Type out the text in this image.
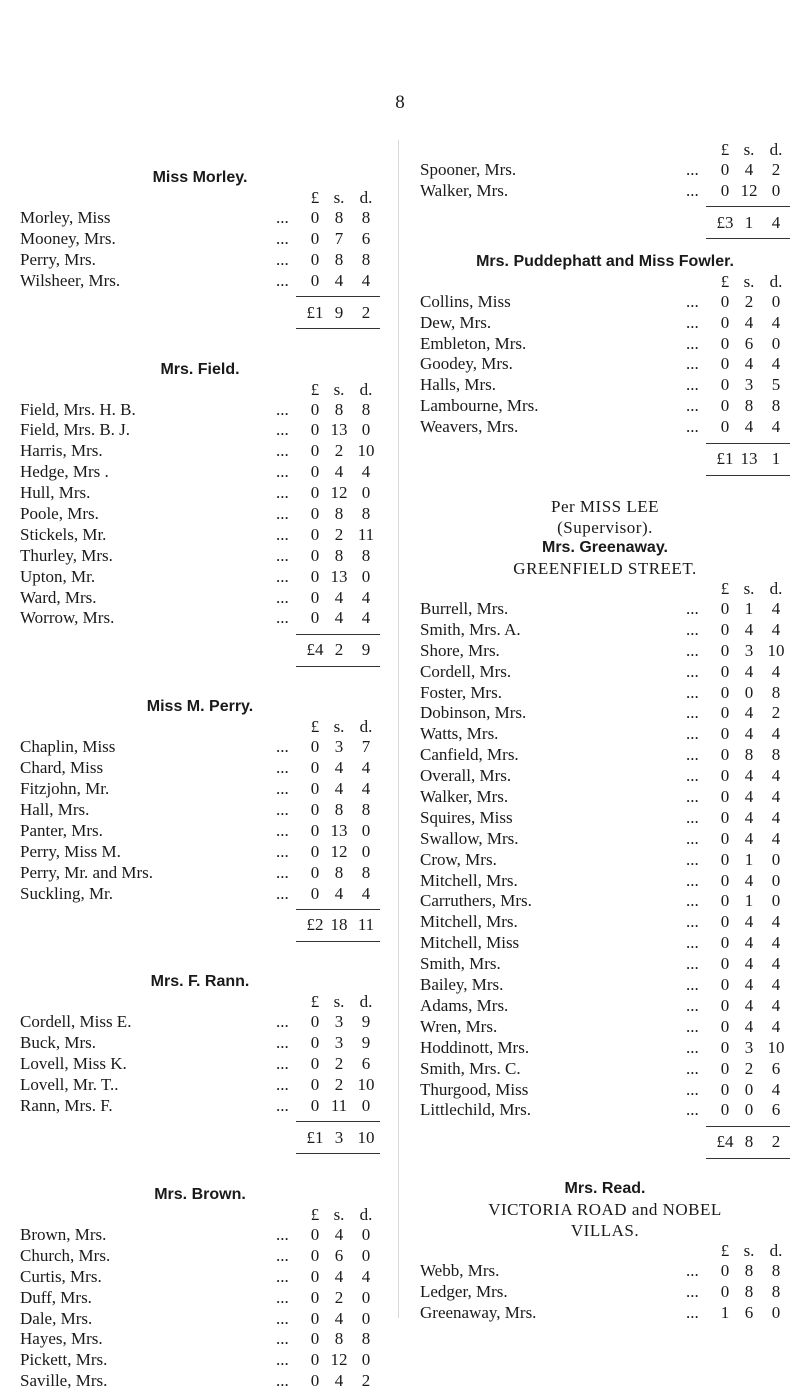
8
Miss Morley.
£ s. d.
Morley, Miss	...	0 8	8
Mooney, Mrs.	...	0 7	6
Perry, Mrs.	...	0 8	8
Wilsheer, Mrs.	...	0 4	4
£1 9	2
Mrs. Field.
£ s. d.
Field, Mrs. H. B.	...	0 8	8
Field, Mrs. B. J.	...	0 13 0
Harris, Mrs.	...	0 2 10
Hedge, Mrs .	...	0 4	4
Hull, Mrs.	...	0 12 0
Poole, Mrs.	...	0 8	8
Stickels, Mr.	...	0 2 11
Thurley, Mrs.	...	0 8	8
Upton, Mr.	...	0 13 0
Ward, Mrs.	...	0 4	4
Worrow, Mrs.	...	0 4	4
£4 2	9
Miss M. Perry.
£ s. d.
Chaplin, Miss	...	0 3	7
Chard, Miss	...	0 4	4
Fitzjohn, Mr.	...	0 4	4
Hall, Mrs.	...	0 8	8
Panter, Mrs.	...	0 13 0
Perry, Miss M.	...	0 12 0
Perry, Mr. and Mrs.	...	0 8	8
Suckling, Mr.	...	0 4	4
£2 18 11
Mrs. F. Rann.
£ s. d.
Cordell, Miss E.	...	0 3	9
Buck, Mrs.	...	0 3	9
Lovell, Miss K.	...	0 2	6
Lovell, Mr. T..	...	0 2 10
Rann, Mrs. F.	...	0 11 0
£1 3 10
Mrs. Brown.
£ s. d.
Brown, Mrs.	...	0 4	0
Church, Mrs.	...	0 6	0
Curtis, Mrs.	...	0 4	4
Duff, Mrs.	...	0 2	0
Dale, Mrs.	...	0 4	0
Hayes, Mrs.	...	0 8	8
Pickett, Mrs.	...	0 12 0
Saville, Mrs.	...	0 4	2
£ s. d.
Spooner, Mrs.	...	0 4	2
Walker, Mrs.	...	0 12 0
£3 1	4
Mrs. Puddephatt and Miss Fowler.
£ s. d.
Collins, Miss	...	0 2	0
Dew, Mrs.	...	0 4	4
Embleton, Mrs.	...	0 6	0
Goodey, Mrs.	...	0 4	4
Halls, Mrs.	...	0 3	5
Lambourne, Mrs.	...	0 8	8
Weavers, Mrs.	...	0 4	4
£1 13 1
Per MISS LEE
(Supervisor).
Mrs. Greenaway.
GREENFIELD STREET.
£ s. d.
Burrell, Mrs.	...	0 1	4
Smith, Mrs. A.	...	0 4	4
Shore, Mrs.	...	0 3 10
Cordell, Mrs.	...	0 4	4
Foster, Mrs.	...	0 0	8
Dobinson, Mrs.	...	0 4	2
Watts, Mrs.	...	0 4	4
Canfield, Mrs.	...	0 8	8
Overall, Mrs.	...	0 4	4
Walker, Mrs.	...	0 4	4
Squires, Miss	...	0 4	4
Swallow, Mrs.	...	0 4	4
Crow, Mrs.	...	0 1	0
Mitchell, Mrs.	...	0 4	0
Carruthers, Mrs.	...	0 1	0
Mitchell, Mrs.	...	0 4	4
Mitchell, Miss	...	0 4	4
Smith, Mrs.	...	0 4	4
Bailey, Mrs.	...	0 4	4
Adams, Mrs.	...	0 4	4
Wren, Mrs.	...	0 4	4
Hoddinott, Mrs.	...	0 3 10
Smith, Mrs. C.	...	0 2	6
Thurgood, Miss	...	0 0	4
Littlechild, Mrs.	...	0 0	6
£4 8	2
Mrs. Read.
VICTORIA ROAD and NOBEL
VILLAS.
£ s. d.
Webb, Mrs.	...	0 8	8
Ledger, Mrs.	...	0 8	8
Greenaway, Mrs.	...	1 6	0
